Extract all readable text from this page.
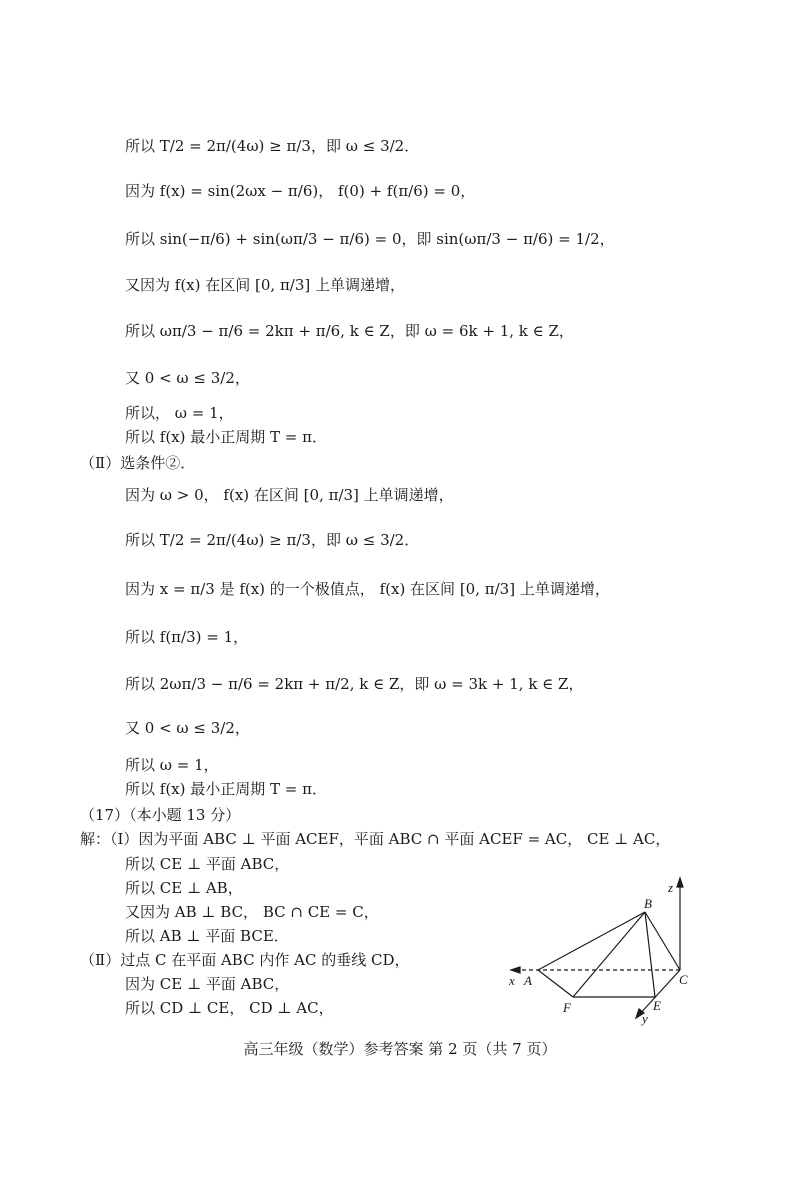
所以 T/2 = 2π/(4ω) ≥ π/3，即 ω ≤ 3/2．
因为 f(x) = sin(2ωx − π/6)， f(0) + f(π/6) = 0，
所以 sin(−π/6) + sin(ωπ/3 − π/6) = 0，即 sin(ωπ/3 − π/6) = 1/2，
又因为 f(x) 在区间 [0, π/3] 上单调递增，
所以 ωπ/3 − π/6 = 2kπ + π/6, k ∈ Z，即 ω = 6k + 1, k ∈ Z，
又 0 < ω ≤ 3/2，
所以， ω = 1，
所以 f(x) 最小正周期 T = π．
（Ⅱ）选条件②．
因为 ω > 0， f(x) 在区间 [0, π/3] 上单调递增，
所以 T/2 = 2π/(4ω) ≥ π/3，即 ω ≤ 3/2．
因为 x = π/3 是 f(x) 的一个极值点， f(x) 在区间 [0, π/3] 上单调递增，
所以 f(π/3) = 1，
所以 2ωπ/3 − π/6 = 2kπ + π/2, k ∈ Z，即 ω = 3k + 1, k ∈ Z，
又 0 < ω ≤ 3/2，
所以 ω = 1，
所以 f(x) 最小正周期 T = π．
（17）（本小题 13 分）
解：（Ⅰ）因为平面 ABC ⊥ 平面 ACEF，平面 ABC ∩ 平面 ACEF = AC， CE ⊥ AC，
所以 CE ⊥ 平面 ABC，
所以 CE ⊥ AB，
又因为 AB ⊥ BC， BC ∩ CE = C，
所以 AB ⊥ 平面 BCE．
（Ⅱ）过点 C 在平面 ABC 内作 AC 的垂线 CD，
因为 CE ⊥ 平面 ABC，
所以 CD ⊥ CE， CD ⊥ AC，
z
x A
B
C
F	E
y
高三年级（数学）参考答案 第 2 页（共 7 页）
